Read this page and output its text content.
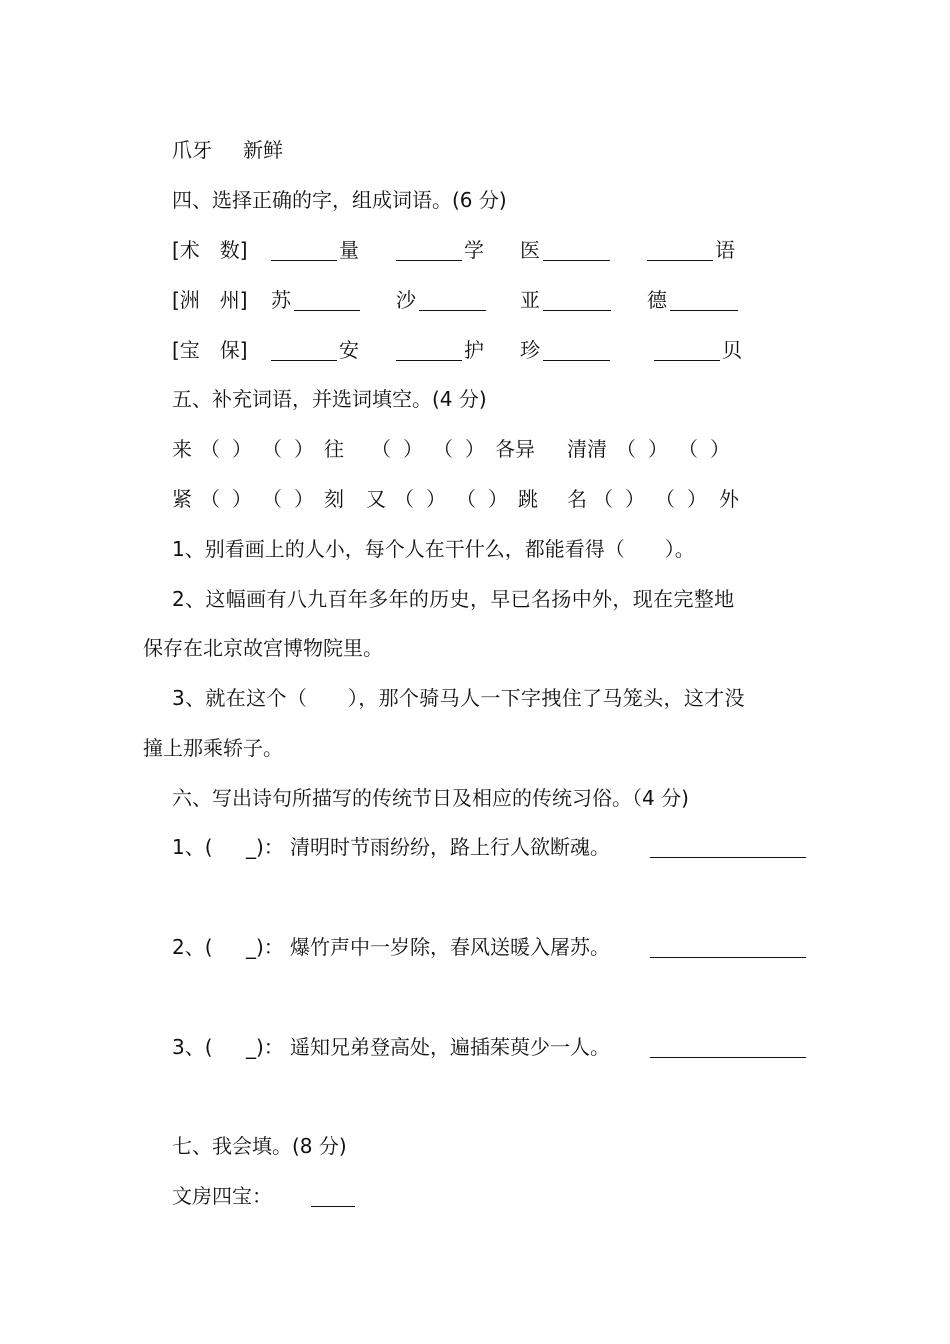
爪牙 新鲜
四、选择正确的字，组成词语。(6 分)
[术　数]	量	学 医	语
[洲　州] 苏	沙	亚	德
[宝　保]	安	护 珍	贝
五、补充词语，并选词填空。(4 分)
来 （ ） （ ） 往 （ ） （ ） 各异 清清 （ ） （ ）
紧 （ ） （ ） 刻 又 （ ） （ ） 跳 名 （ ） （ ） 外
1、别看画上的人小，每个人在干什么，都能看得（　　）。
2、这幅画有八九百年多年的历史，早已名扬中外，现在完整地
保存在北京故宫博物院里。
3、就在这个（　　），那个骑马人一下字拽住了马笼头，这才没
撞上那乘轿子。
六、写出诗句所描写的传统节日及相应的传统习俗。（4 分)
1、( _)： 清明时节雨纷纷，路上行人欲断魂。
2、( _)： 爆竹声中一岁除，春风送暖入屠苏。
3、( _)： 遥知兄弟登高处，遍插茱萸少一人。
七、我会填。(8 分)
文房四宝：
